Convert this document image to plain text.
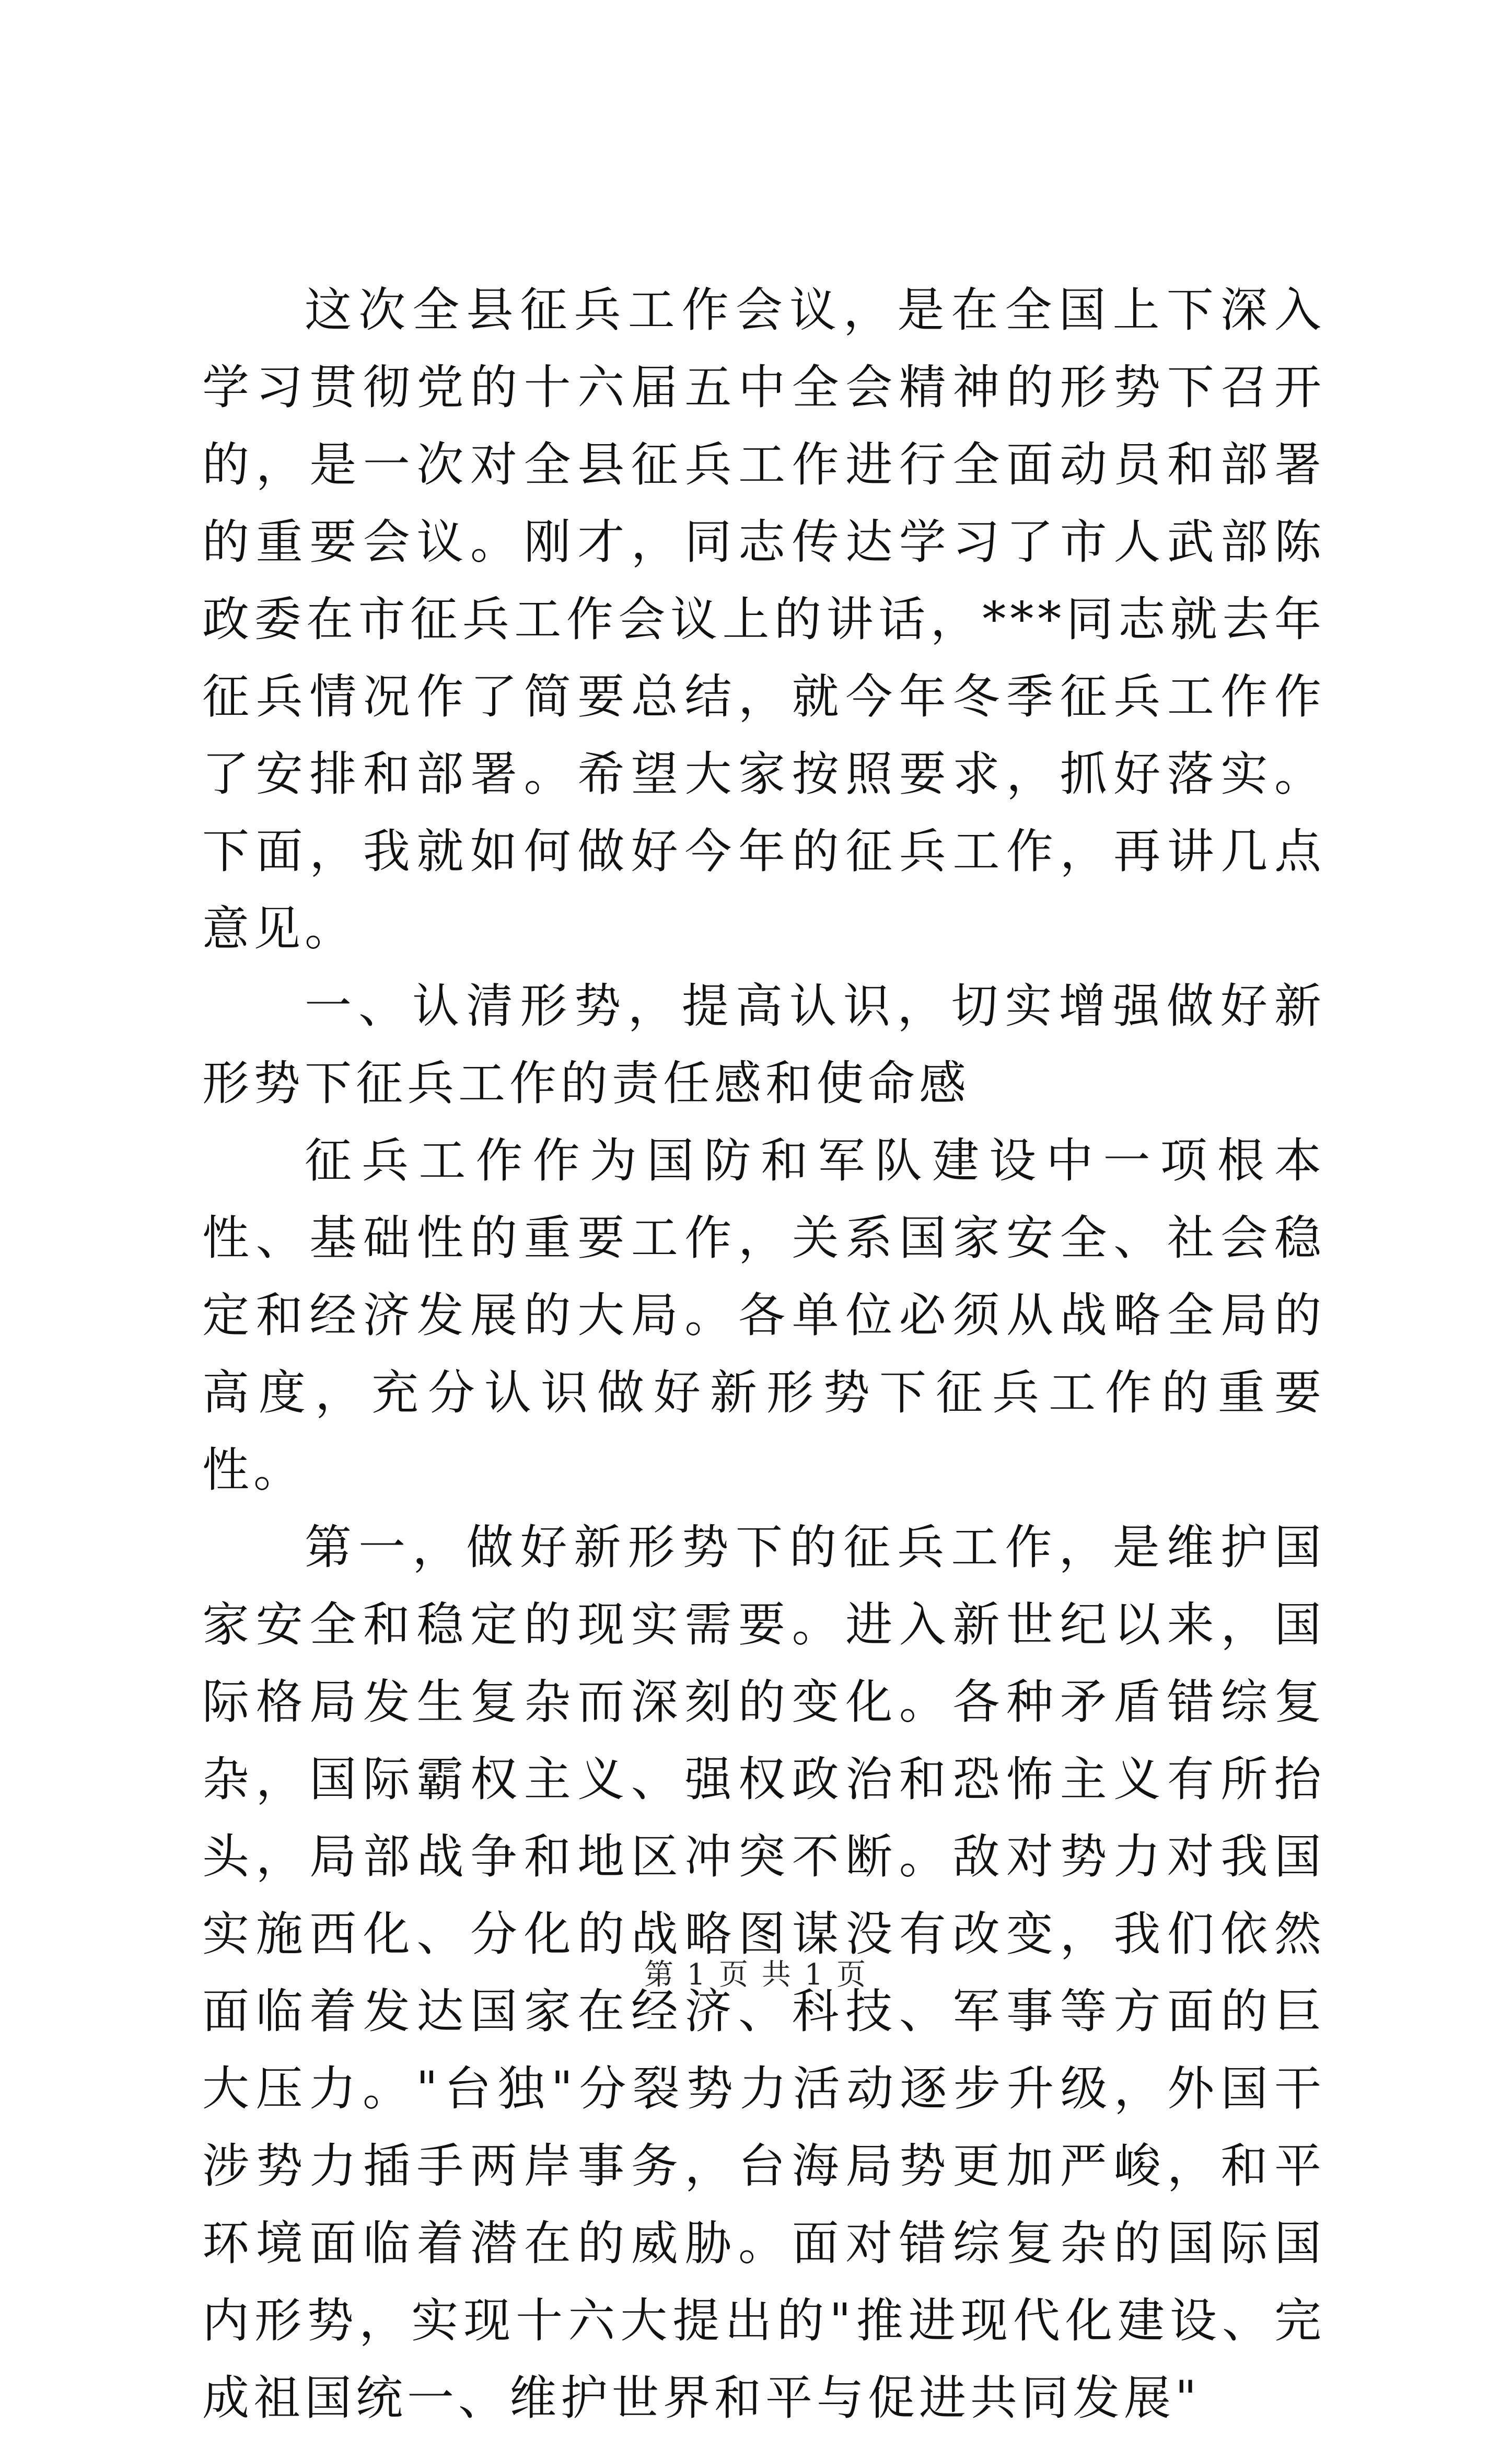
这次全县征兵工作会议，是在全国上下深入学习贯彻党的十六届五中全会精神的形势下召开的，是一次对全县征兵工作进行全面动员和部署的重要会议。刚才，同志传达学习了市人武部陈政委在市征兵工作会议上的讲话，***同志就去年征兵情况作了简要总结，就今年冬季征兵工作作了安排和部署。希望大家按照要求，抓好落实。下面，我就如何做好今年的征兵工作，再讲几点意见。

一、认清形势，提高认识，切实增强做好新形势下征兵工作的责任感和使命感

征兵工作作为国防和军队建设中一项根本性、基础性的重要工作，关系国家安全、社会稳定和经济发展的大局。各单位必须从战略全局的高度，充分认识做好新形势下征兵工作的重要性。

第一，做好新形势下的征兵工作，是维护国家安全和稳定的现实需要。进入新世纪以来，国际格局发生复杂而深刻的变化。各种矛盾错综复杂，国际霸权主义、强权政治和恐怖主义有所抬头，局部战争和地区冲突不断。敌对势力对我国实施西化、分化的战略图谋没有改变，我们依然面临着发达国家在经济、科技、军事等方面的巨大压力。"台独"分裂势力活动逐步升级，外国干涉势力插手两岸事务，台海局势更加严峻，和平环境面临着潜在的威胁。面对错综复杂的国际国内形势，实现十六大提出的"推进现代化建设、完成祖国统一、维护世界和平与促进共同发展"

第 1 页 共 1 页
